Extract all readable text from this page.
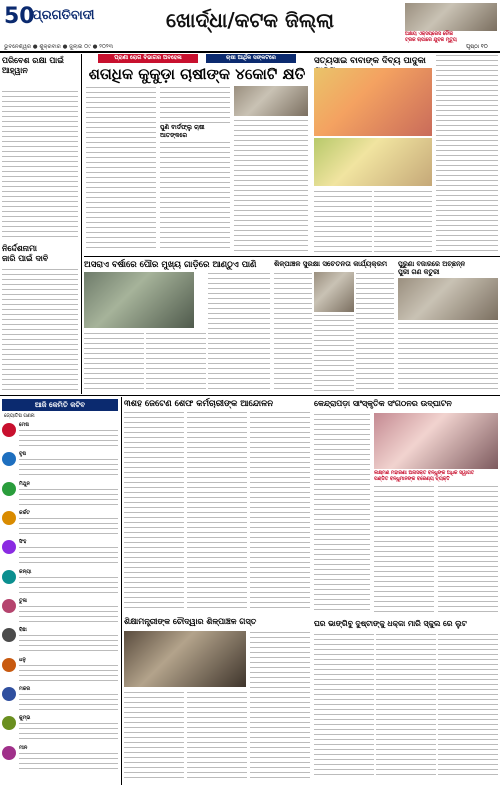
50
ପ୍ରଗତିବାଦୀ
ଭୁବନେଶ୍ୱର ● ଶୁକ୍ରବାର ● ଜୁଲାଇ ୦୯ ● ୨୦୨୩
ଖୋର୍ଦ୍ଧା/କଟକ ଜିଲ୍ଲା
ଅକ୍ଷୟ ଏକ୍ସପ୍ରେସ ଚୌକ
ଟ୍ରକ ଚାପାରେ ଯୁବକ ମୃତ୍ୟୁ
ପୃଷ୍ଠା ୧୦
ପରିବେଶ ରକ୍ଷା ପାଇଁ ଆହ୍ୱାନ
ନିର୍ଦ୍ଦେଶନାମା
ଜାରି ପାଇଁ ଦାବି
ପ୍ରାଣୀ ରୋଗ ବିଭାଗର ଅବହେଳା	ଚାଷୀ ଆର୍ଥିକ ସଙ୍କଟରେ
ଶତାଧିକ କୁକୁଡ଼ା ଚାଷୀଙ୍କ ୪କୋଟି କ୍ଷତି
ପୁଣି ବାର୍ଡଫ୍ଲୁ ଚାଷୀ
ଆତଙ୍କରେ
ସତ୍ୟସାଇ ବାବାଙ୍କ ଦିବ୍ୟ ପାଦୁକା
ଅସରାଏ ବର୍ଷାରେ ପୌର ମୁଖ୍ୟ ଗାଡ଼ିରେ ଆଣ୍ଠୁଏ ପାଣି	ଶିଳ୍ପାଞ୍ଚଳ ସୁରକ୍ଷା ସଚେତନତା କାର୍ଯ୍ୟକ୍ରମ	ପୁରୁଣା ବଜାରରେ ଅଚ୍ଛନ୍ନ
ପୁରୀ ଗଣ କତୁରୀ
ଆଜି କେମିତି କଟିବ
ଜ୍ୟୋତିଷ ଗଣନା
ମେଷ
ବୃଷ
ମିଥୁନ
କର୍କଟ
ସିଂହ
କନ୍ୟା
ତୁଳା
ବିଛା
ଧନୁ
ମକର
କୁମ୍ଭ
ମୀନ
୩ଶହ ଜେଟେଣ ଶେଫ କର୍ମଚାରୀଙ୍କ ଆନ୍ଦୋଳନ
ଶିକ୍ଷାମନ୍ତ୍ରୀଙ୍କ ଚୌଦ୍ୱାର ଶିଳ୍ପାଞ୍ଚଳ ଗସ୍ତ
କେନ୍ଦ୍ରାପଡ଼ା ସାଂସ୍କୃତିକ ସଂଗଠନର ଉଦ୍‌ଘାଟନ
ଲକ୍ଷ୍ମଣ ମହାରଣା ଅନାସକ୍ତ ବନ୍ଧୁଙ୍କ ଅଧିକ ସ୍ୱାଗତ
ପଣ୍ଡିତ ବନ୍ଧୁମାନଙ୍କ ବରେଣ୍ୟ ବ୍ୟକ୍ତି
ଘର ଭାଙ୍ଗିବୁ ଦୁଷ୍ଟାଙ୍କୁ ଧକ୍କା ମାରି ସ୍କୁଲ ରେ ଲୁଟ
